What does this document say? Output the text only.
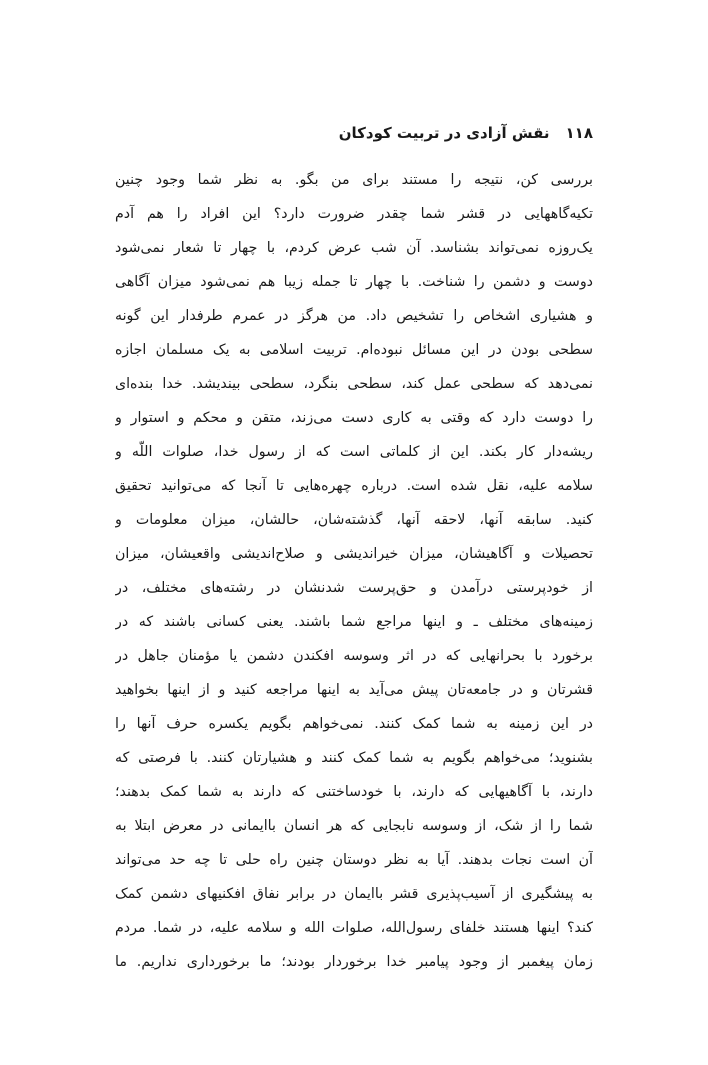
۱۱۸
نقش آزادی در تربیت کودکان
بررسی کن، نتیجه را مستند برای من بگو. به نظر شما وجود چنین
تکیه‌گاههایی در قشر شما چقدر ضرورت دارد؟ این افراد را هم آدم
یک‌روزه نمی‌تواند بشناسد. آن شب عرض کردم، با چهار تا شعار نمی‌شود
دوست و دشمن را شناخت. با چهار تا جمله زیبا هم نمی‌شود میزان آگاهی
و هشیاری اشخاص را تشخیص داد. من هرگز در عمرم طرفدار این گونه
سطحی بودن در این مسائل نبوده‌ام. تربیت اسلامی به یک مسلمان اجازه
نمی‌دهد که سطحی عمل کند، سطحی بنگرد، سطحی بیندیشد. خدا بنده‌ای
را دوست دارد که وقتی به کاری دست می‌زند، متقن و محکم و استوار و
ریشه‌دار کار بکند. این از کلماتی است که از رسول خدا، صلوات اللّه و
سلامه علیه، نقل شده است. درباره چهره‌هایی تا آنجا که می‌توانید تحقیق
کنید. سابقه آنها، لاحقه آنها، گذشته‌شان، حالشان، میزان معلومات و
تحصیلات و آگاهیشان، میزان خیراندیشی و صلاح‌اندیشی واقعیشان، میزان
از خودپرستی درآمدن و حق‌پرست شدنشان در رشته‌های مختلف، در
زمینه‌های مختلف ـ و اینها مراجع شما باشند. یعنی کسانی باشند که در
برخورد با بحرانهایی که در اثر وسوسه افکندن دشمن یا مؤمنان جاهل در
قشرتان و در جامعه‌تان پیش می‌آید به اینها مراجعه کنید و از اینها بخواهید
در این زمینه به شما کمک کنند. نمی‌خواهم بگویم یکسره حرف آنها را
بشنوید؛ می‌خواهم بگویم به شما کمک کنند و هشیارتان کنند. با فرصتی که
دارند، با آگاهیهایی که دارند، با خودساختنی که دارند به شما کمک بدهند؛
شما را از شک، از وسوسه نابجایی که هر انسان باایمانی در معرض ابتلا به
آن است نجات بدهند. آیا به نظر دوستان چنین راه حلی تا چه حد می‌تواند
به پیشگیری از آسیب‌پذیری قشر باایمان در برابر نفاق افکنیهای دشمن کمک
کند؟ اینها هستند خلفای رسول‌الله، صلوات الله و سلامه علیه، در شما. مردم
زمان پیغمبر از وجود پیامبر خدا برخوردار بودند؛ ما برخورداری نداریم. ما
